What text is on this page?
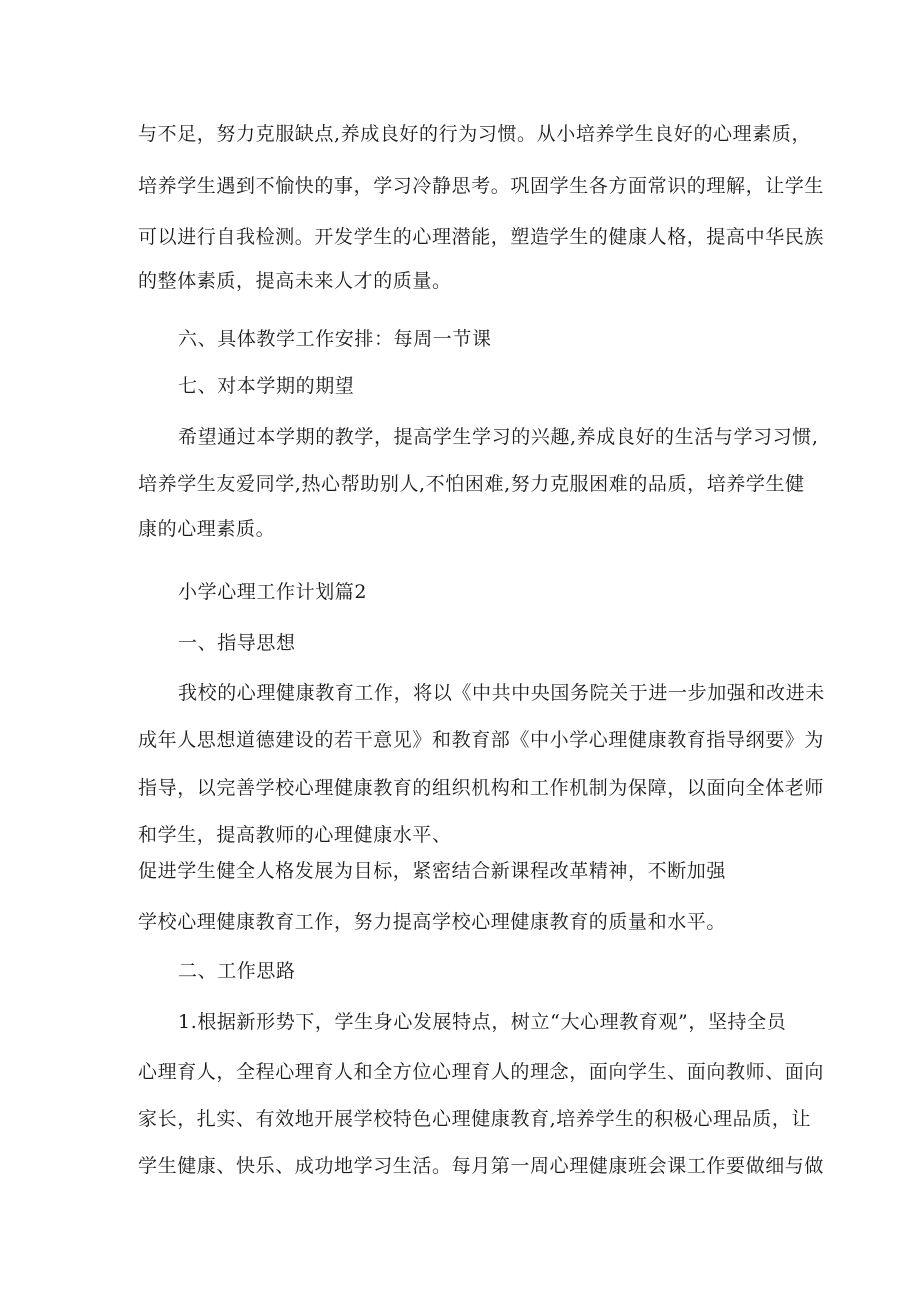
与不足，努力克服缺点,养成良好的行为习惯。从小培养学生良好的心理素质，
培养学生遇到不愉快的事，学习冷静思考。巩固学生各方面常识的理解，让学生
可以进行自我检测。开发学生的心理潜能，塑造学生的健康人格，提高中华民族
的整体素质，提高未来人才的质量。
六、具体教学工作安排：每周一节课
七、对本学期的期望
希望通过本学期的教学，提高学生学习的兴趣,养成良好的生活与学习习惯,
培养学生友爱同学,热心帮助别人,不怕困难,努力克服困难的品质，培养学生健
康的心理素质。
小学心理工作计划篇2
一、指导思想
我校的心理健康教育工作，将以《中共中央国务院关于进一步加强和改进未
成年人思想道德建设的若干意见》和教育部《中小学心理健康教育指导纲要》为
指导，以完善学校心理健康教育的组织机构和工作机制为保障，以面向全体老师
和学生，提高教师的心理健康水平、
促进学生健全人格发展为目标，紧密结合新课程改革精神，不断加强
学校心理健康教育工作，努力提高学校心理健康教育的质量和水平。
二、工作思路
1.根据新形势下，学生身心发展特点，树立“大心理教育观”，坚持全员
心理育人，全程心理育人和全方位心理育人的理念，面向学生、面向教师、面向
家长，扎实、有效地开展学校特色心理健康教育,培养学生的积极心理品质，让
学生健康、快乐、成功地学习生活。每月第一周心理健康班会课工作要做细与做
